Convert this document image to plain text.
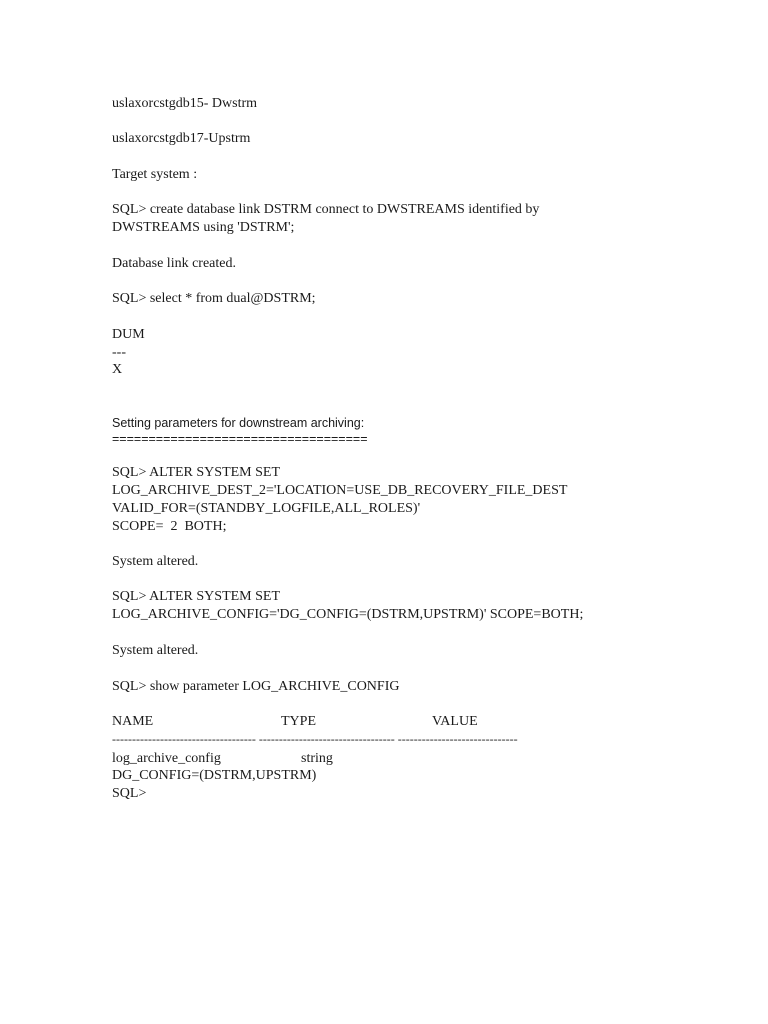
uslaxorcstgdb15- Dwstrm

uslaxorcstgdb17-Upstrm

Target system :

SQL> create database link DSTRM connect to DWSTREAMS identified by

DWSTREAMS using 'DSTRM';

Database link created.

SQL> select * from dual@DSTRM;

DUM

---

X

Setting parameters for downstream archiving:

===================================

SQL> ALTER SYSTEM SET

LOG_ARCHIVE_DEST_2='LOCATION=USE_DB_RECOVERY_FILE_DEST

VALID_FOR=(STANDBY_LOGFILE,ALL_ROLES)'

SCOPE=  2  BOTH;

System altered.

SQL> ALTER SYSTEM SET

LOG_ARCHIVE_CONFIG='DG_CONFIG=(DSTRM,UPSTRM)' SCOPE=BOTH;

System altered.

SQL> show parameter LOG_ARCHIVE_CONFIG

NAME	TYPE	VALUE

------------------------------------ ---------------------------------- ------------------------------

log_archive_config	string

DG_CONFIG=(DSTRM,UPSTRM)

SQL>
